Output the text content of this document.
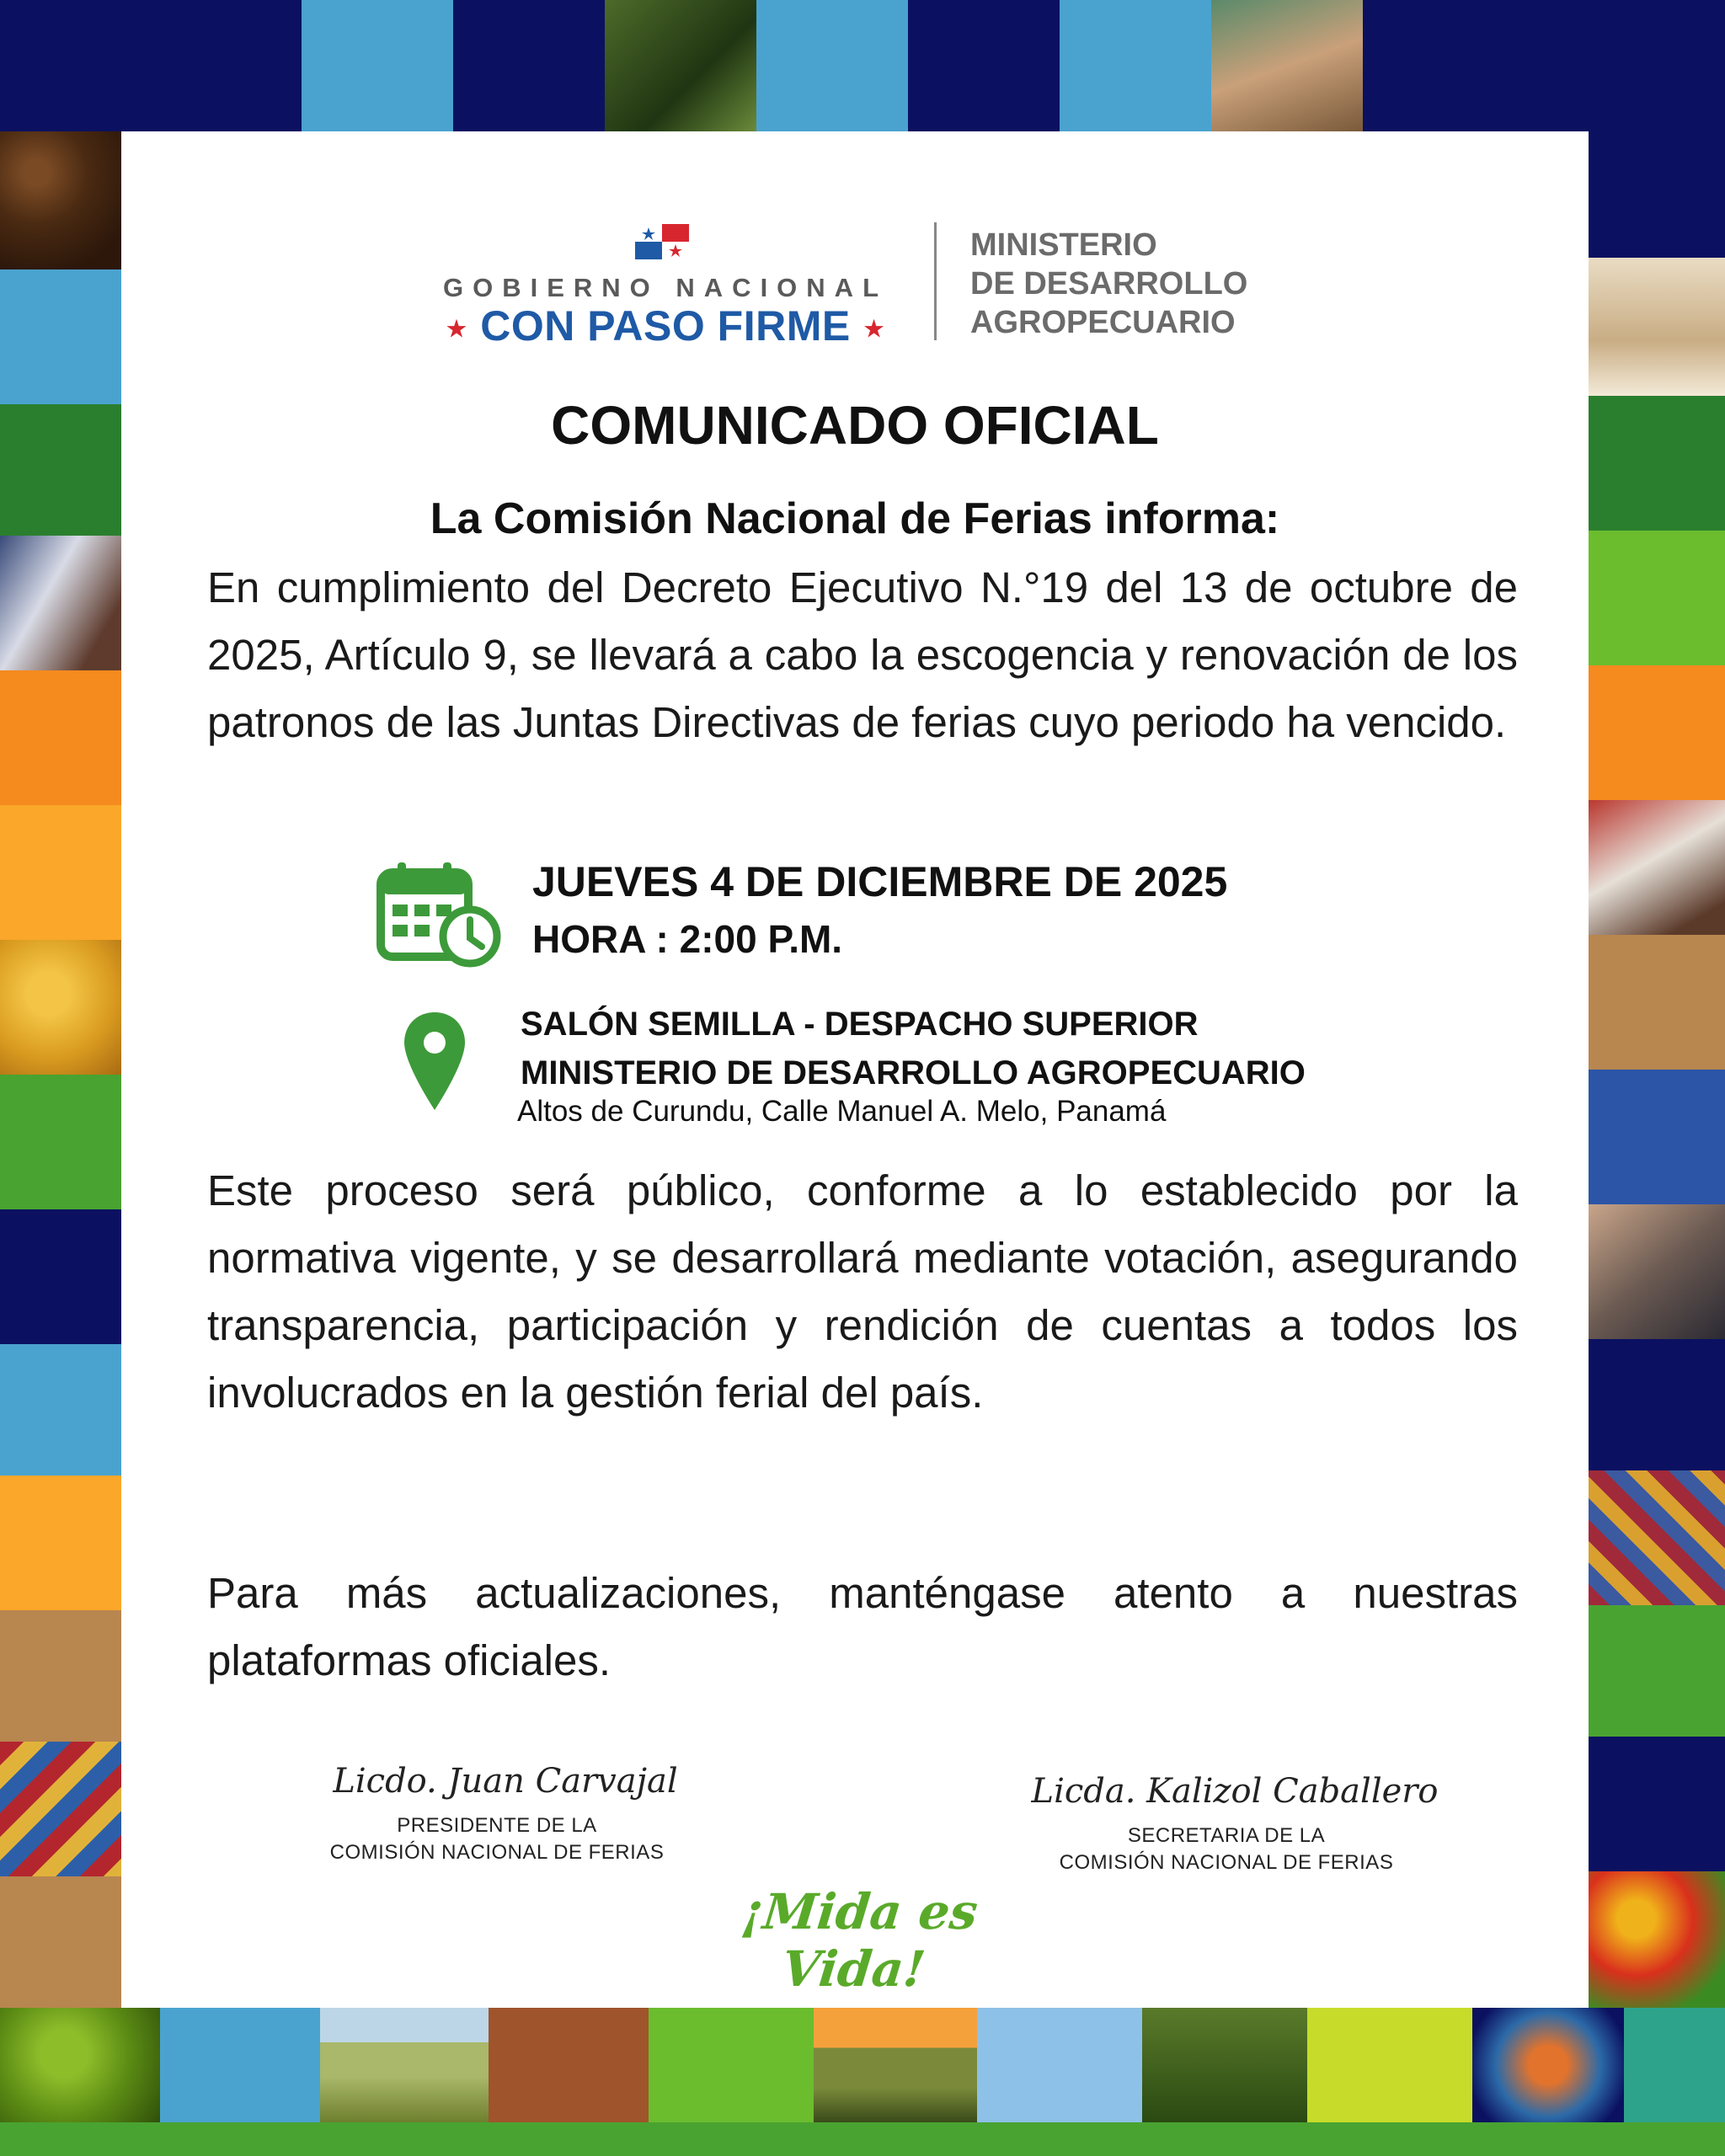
GOBIERNO NACIONAL
★ CON PASO FIRME ★
MINISTERIO
DE DESARROLLO
AGROPECUARIO
COMUNICADO OFICIAL
La Comisión Nacional de Ferias informa:
En cumplimiento del Decreto Ejecutivo N.°19 del 13 de octubre de 2025, Artículo 9, se llevará a cabo la escogencia y renovación de los patronos de las Juntas Directivas de ferias cuyo periodo ha vencido.
JUEVES 4 DE DICIEMBRE DE 2025
HORA : 2:00 P.M.
SALÓN SEMILLA - DESPACHO SUPERIOR
MINISTERIO DE DESARROLLO AGROPECUARIO
Altos de Curundu, Calle Manuel A. Melo, Panamá
Este proceso será público, conforme a lo establecido por la normativa vigente, y se desarrollará mediante votación, asegurando transparencia, participación y rendición de cuentas a todos los involucrados en la gestión ferial del país.
Para más actualizaciones, manténgase atento a nuestras plataformas oficiales.
Licdo. Juan Carvajal
PRESIDENTE DE LA
COMISIÓN NACIONAL DE FERIAS
Licda. Kalizol Caballero
SECRETARIA DE LA
COMISIÓN NACIONAL DE FERIAS
¡Mida es Vida!
